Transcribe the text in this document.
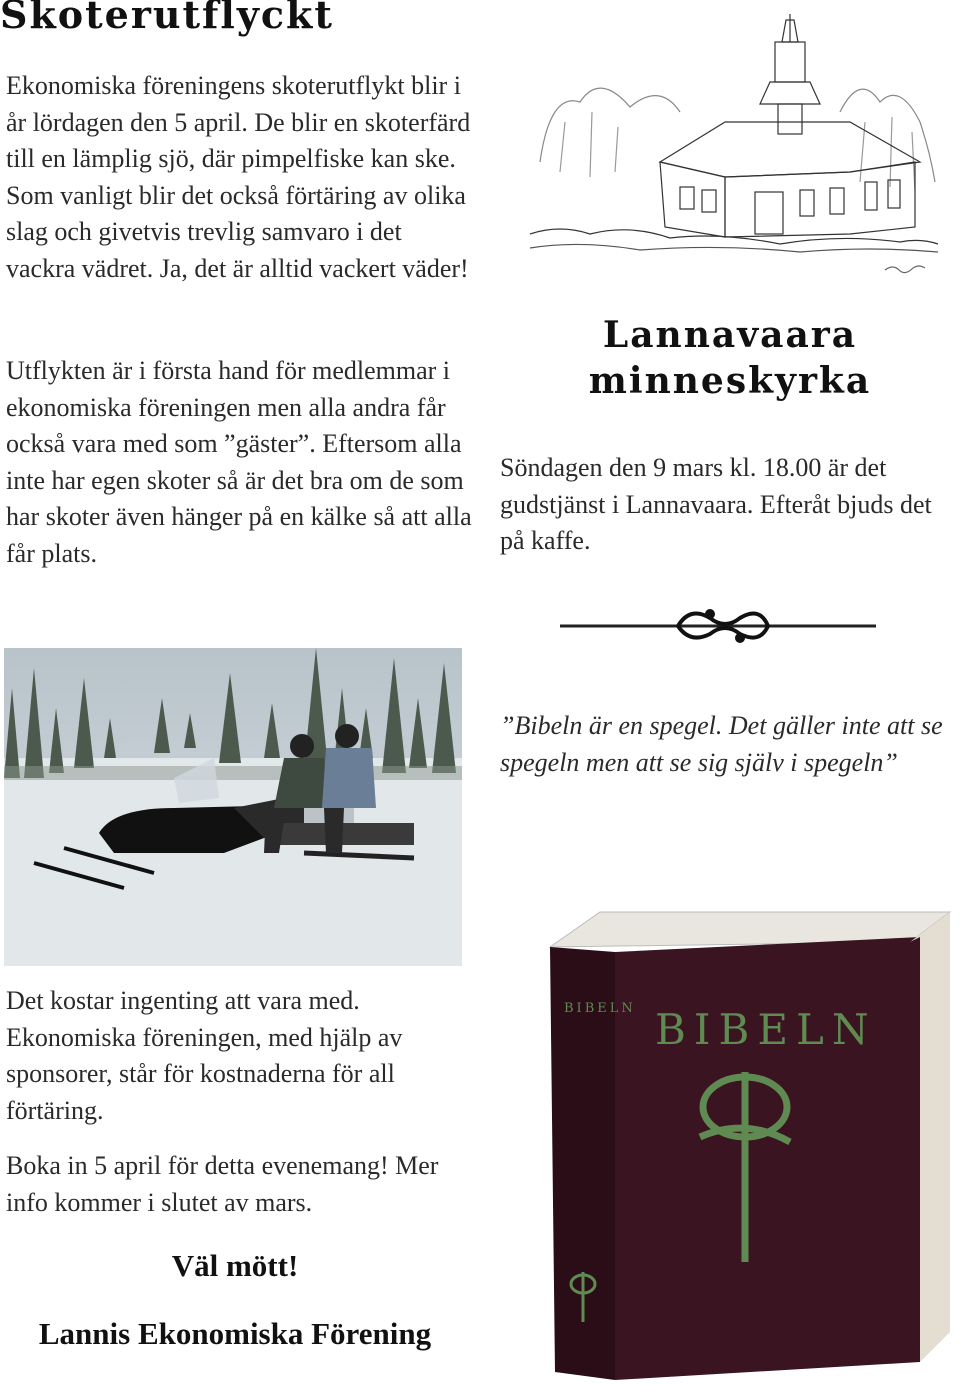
Skoterutflyckt

Ekonomiska föreningens skoterutflykt blir i år lördagen den 5 april. De blir en skoterfärd till en lämplig sjö, där pimpelfiske kan ske. Som vanligt blir det också förtäring av olika slag och givetvis trevlig samvaro i det vackra vädret. Ja, det är alltid vackert väder!

Utflykten är i första hand för medlemmar i ekonomiska föreningen men alla andra får också vara med som ”gäster”. Eftersom alla inte har egen skoter så är det bra om de som har skoter även hänger på en kälke så att alla får plats.

Det kostar ingenting att vara med. Ekonomiska föreningen, med hjälp av sponsorer, står för kostnaderna för all förtäring.

Boka in 5 april för detta evenemang! Mer info kommer i slutet av mars.

Väl mött!
Lannis Ekonomiska Förening
Lannavaara
minneskyrka

Söndagen den 9 mars kl. 18.00 är det gudstjänst i Lannavaara. Efteråt bjuds det på kaffe.

”Bibeln är en spegel. Det gäller inte att se spegeln men att se sig själv i spegeln”

BIBELN
BIBELN
